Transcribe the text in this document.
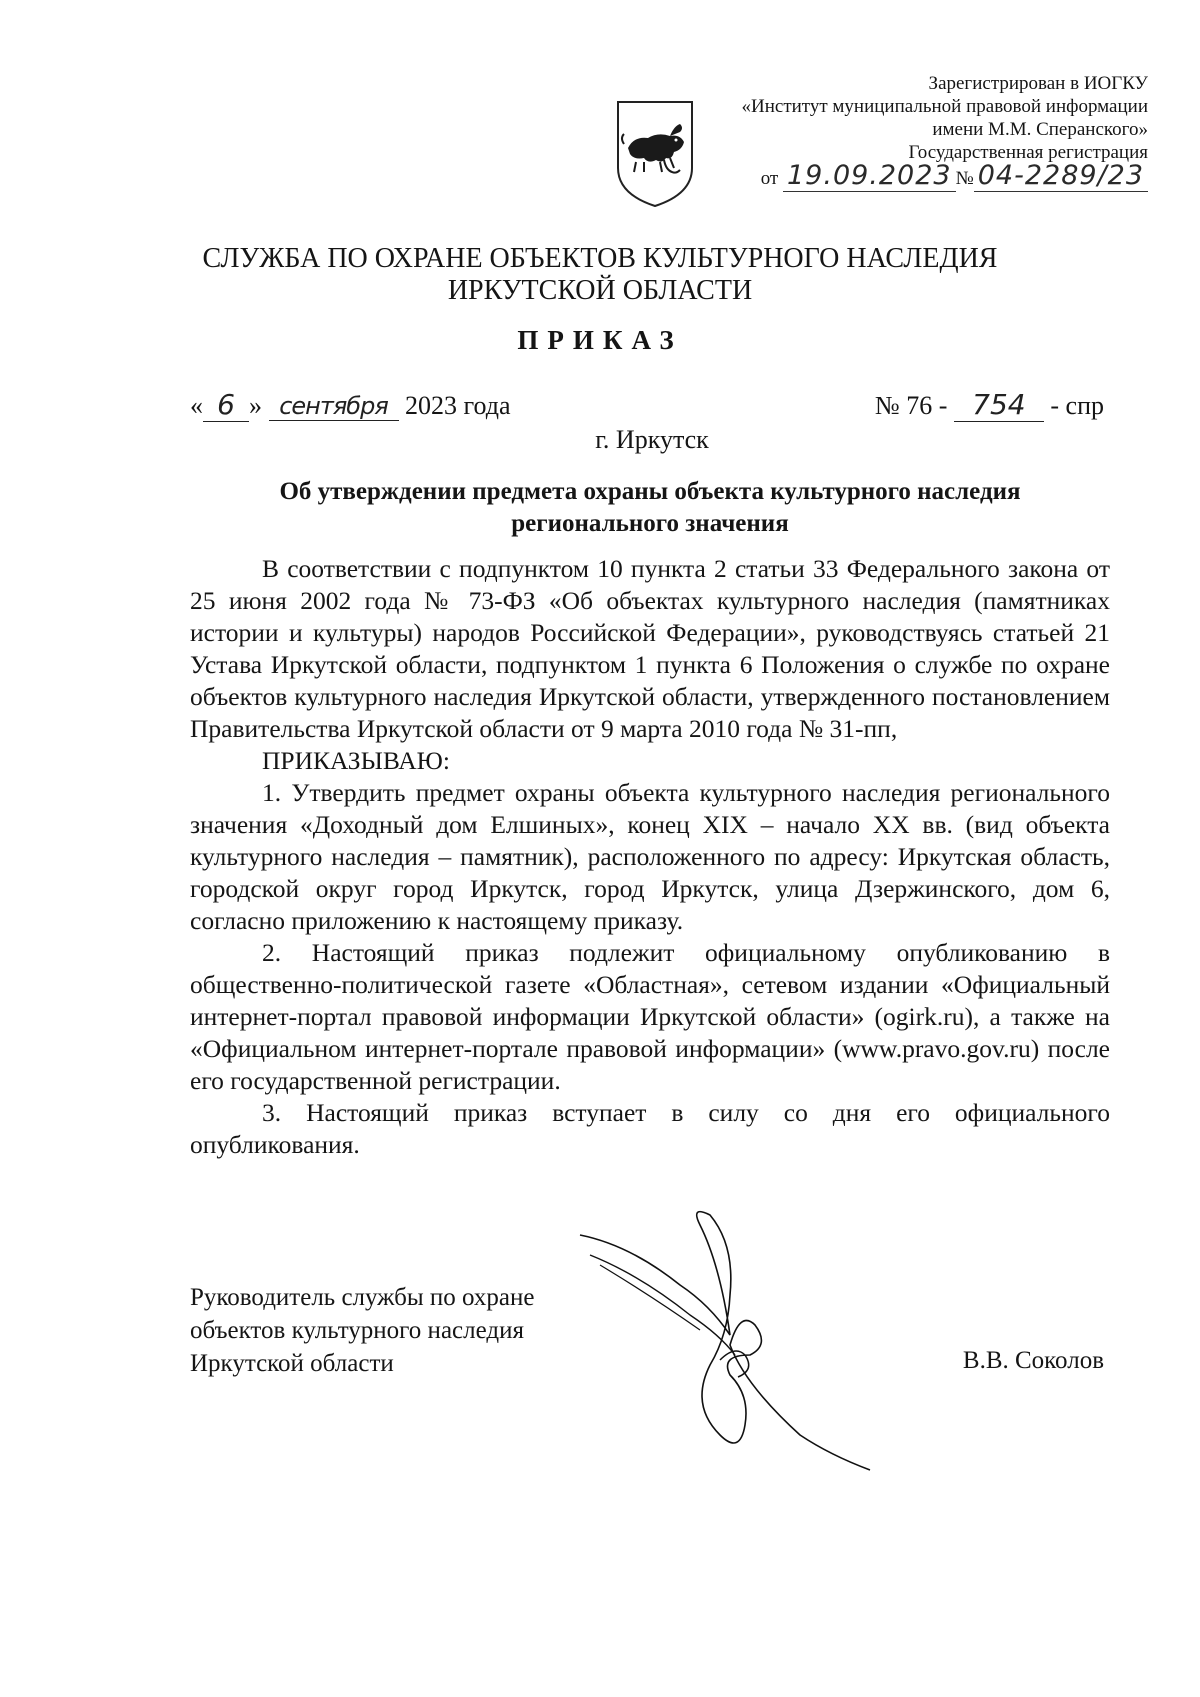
Зарегистрирован в ИОГКУ
«Институт муниципальной правовой информации
имени М.М. Сперанского»
Государственная регистрация
от 19.09.2023 № 04-2289/23
СЛУЖБА ПО ОХРАНЕ ОБЪЕКТОВ КУЛЬТУРНОГО НАСЛЕДИЯ
ИРКУТСКОЙ ОБЛАСТИ
ПРИКАЗ
« 6 » сентября 2023 года	№ 76 - 754 - спр
г. Иркутск
Об утверждении предмета охраны объекта культурного наследия
регионального значения

В соответствии с подпунктом 10 пункта 2 статьи 33 Федерального закона от 25 июня 2002 года № 73-ФЗ «Об объектах культурного наследия (памятниках истории и культуры) народов Российской Федерации», руководствуясь статьей 21 Устава Иркутской области, подпунктом 1 пункта 6 Положения о службе по охране объектов культурного наследия Иркутской области, утвержденного постановлением Правительства Иркутской области от 9 марта 2010 года № 31-пп,

ПРИКАЗЫВАЮ:

1. Утвердить предмет охраны объекта культурного наследия регионального значения «Доходный дом Елшиных», конец XIX – начало XX вв. (вид объекта культурного наследия – памятник), расположенного по адресу: Иркутская область, городской округ город Иркутск, город Иркутск, улица Дзержинского, дом 6, согласно приложению к настоящему приказу.

2. Настоящий приказ подлежит официальному опубликованию в общественно-политической газете «Областная», сетевом издании «Официальный интернет-портал правовой информации Иркутской области» (ogirk.ru), а также на «Официальном интернет-портале правовой информации» (www.pravo.gov.ru) после его государственной регистрации.

3. Настоящий приказ вступает в силу со дня его официального опубликования.

Руководитель службы по охране
объектов культурного наследия
Иркутской области	В.В. Соколов
